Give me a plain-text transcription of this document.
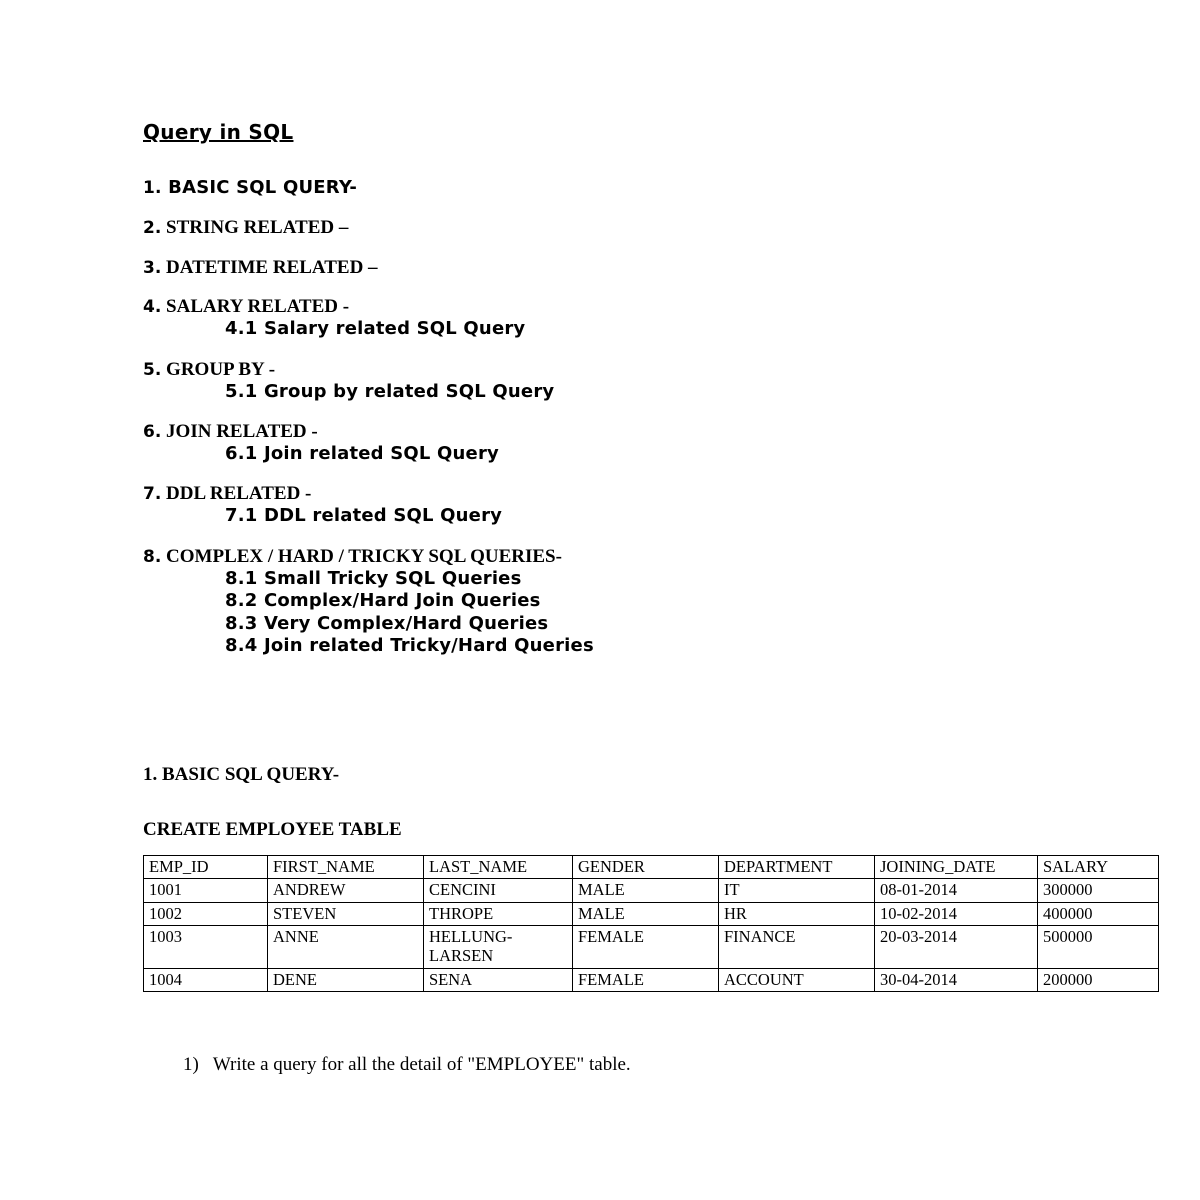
Query in SQL
1. BASIC SQL QUERY-
2. STRING RELATED –
3. DATETIME RELATED –
4. SALARY RELATED -
4.1 Salary related SQL Query
5. GROUP BY -
5.1 Group by related SQL Query
6. JOIN RELATED -
6.1 Join related SQL Query
7. DDL RELATED -
7.1 DDL related SQL Query
8. COMPLEX / HARD / TRICKY SQL QUERIES-
8.1 Small Tricky SQL Queries
8.2 Complex/Hard Join Queries
8.3 Very Complex/Hard Queries
8.4 Join related Tricky/Hard Queries
1. BASIC SQL QUERY-
CREATE EMPLOYEE TABLE
EMP_ID	FIRST_NAME	LAST_NAME	GENDER	DEPARTMENT	JOINING_DATE	SALARY
1001	ANDREW	CENCINI	MALE	IT	08-01-2014	300000
1002	STEVEN	THROPE	MALE	HR	10-02-2014	400000
1003	ANNE	HELLUNG-LARSEN	FEMALE	FINANCE	20-03-2014	500000
1004	DENE	SENA	FEMALE	ACCOUNT	30-04-2014	200000
1) Write a query for all the detail of "EMPLOYEE" table.
